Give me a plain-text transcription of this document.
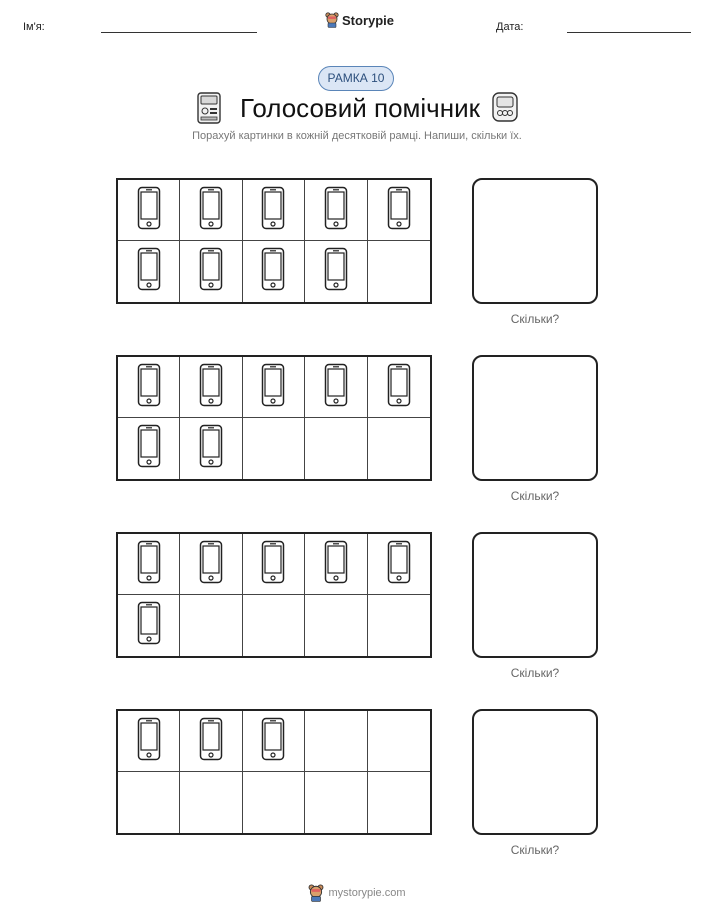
Ім'я:	Storypie	Дата:
РАМКА 10
Голосовий помічник
Порахуй картинки в кожній десятковій рамці. Напиши, скільки їх.
Скільки?
Скільки?
Скільки?
Скільки?
mystorypie.com
